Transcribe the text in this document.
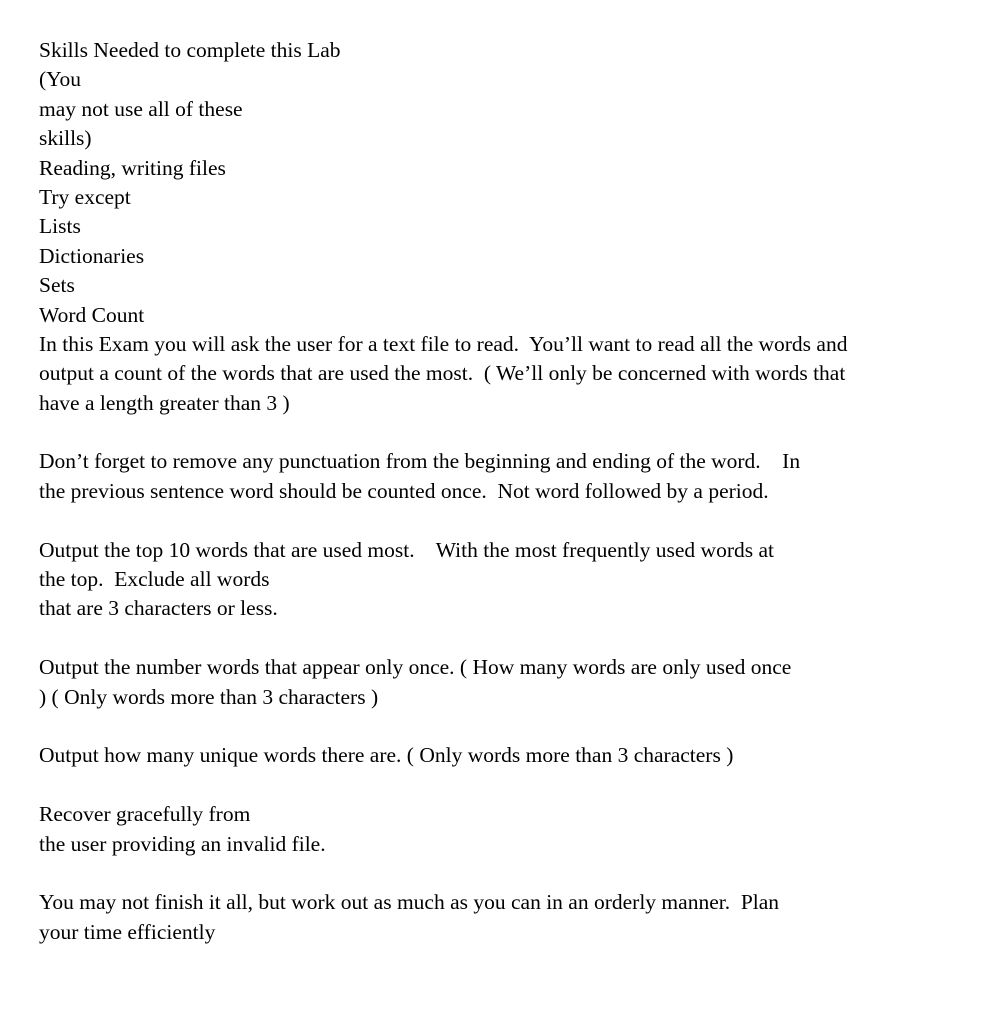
Skills Needed to complete this Lab
(You
may not use all of these
skills)
Reading, writing files
Try except
Lists
Dictionaries
Sets
Word Count
In this Exam you will ask the user for a text file to read.  You’ll want to read all the words and
output a count of the words that are used the most.  ( We’ll only be concerned with words that
have a length greater than 3 )
Don’t forget to remove any punctuation from the beginning and ending of the word.    In
the previous sentence word should be counted once.  Not word followed by a period.
Output the top 10 words that are used most.    With the most frequently used words at
the top.  Exclude all words
that are 3 characters or less.
Output the number words that appear only once. ( How many words are only used once
) ( Only words more than 3 characters )
Output how many unique words there are. ( Only words more than 3 characters )
Recover gracefully from
the user providing an invalid file.
You may not finish it all, but work out as much as you can in an orderly manner.  Plan
your time efficiently
